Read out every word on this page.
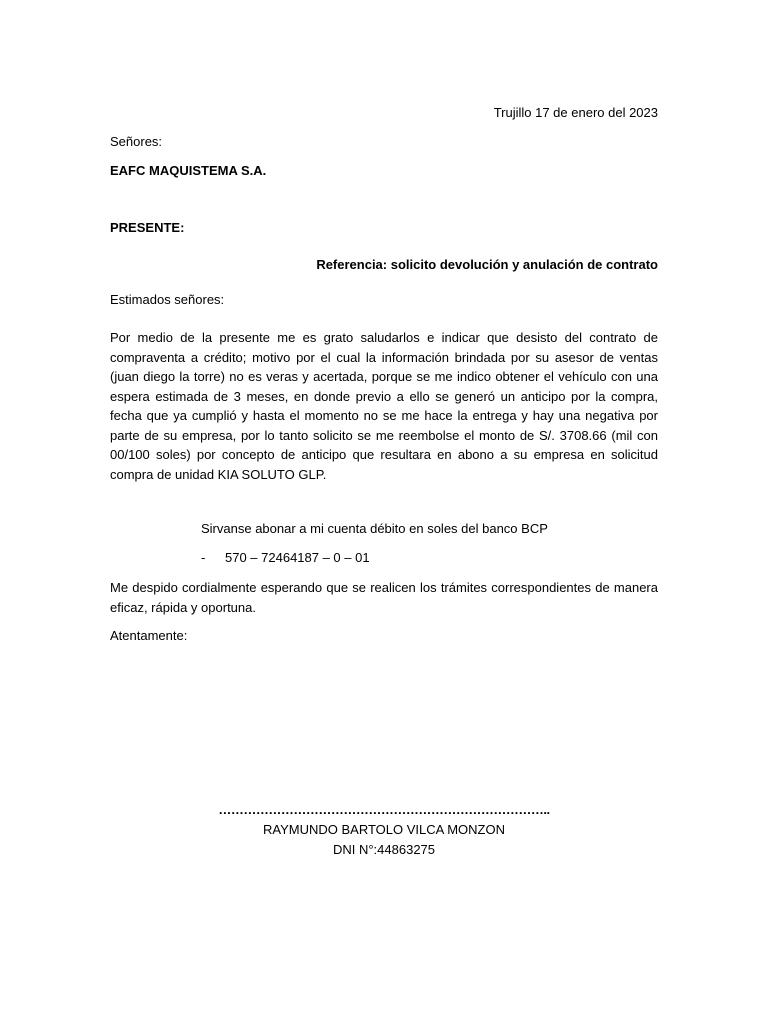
Trujillo 17 de enero del 2023
Señores:
EAFC MAQUISTEMA S.A.
PRESENTE:
Referencia: solicito devolución y anulación de contrato
Estimados señores:
Por medio de la presente me es grato saludarlos e indicar que desisto del contrato de compraventa a crédito; motivo por el cual la información brindada por su asesor de ventas (juan diego la torre) no es veras y acertada, porque se me indico obtener el vehículo con una espera estimada de 3 meses, en donde previo a ello se generó un anticipo por la compra, fecha que ya cumplió y hasta el momento no se me hace la entrega y hay una negativa por parte de su empresa, por lo tanto solicito se me reembolse el monto de S/. 3708.66 (mil con 00/100 soles) por concepto de anticipo que resultara en abono a su empresa en solicitud compra de unidad KIA SOLUTO GLP.
Sirvanse abonar a mi cuenta débito en soles del banco BCP
- 570 – 72464187 – 0 – 01
Me despido cordialmente esperando que se realicen los trámites correspondientes de manera eficaz, rápida y oportuna.
Atentamente:
……………………………………………………………………..
RAYMUNDO BARTOLO VILCA MONZON
DNI N°:44863275
